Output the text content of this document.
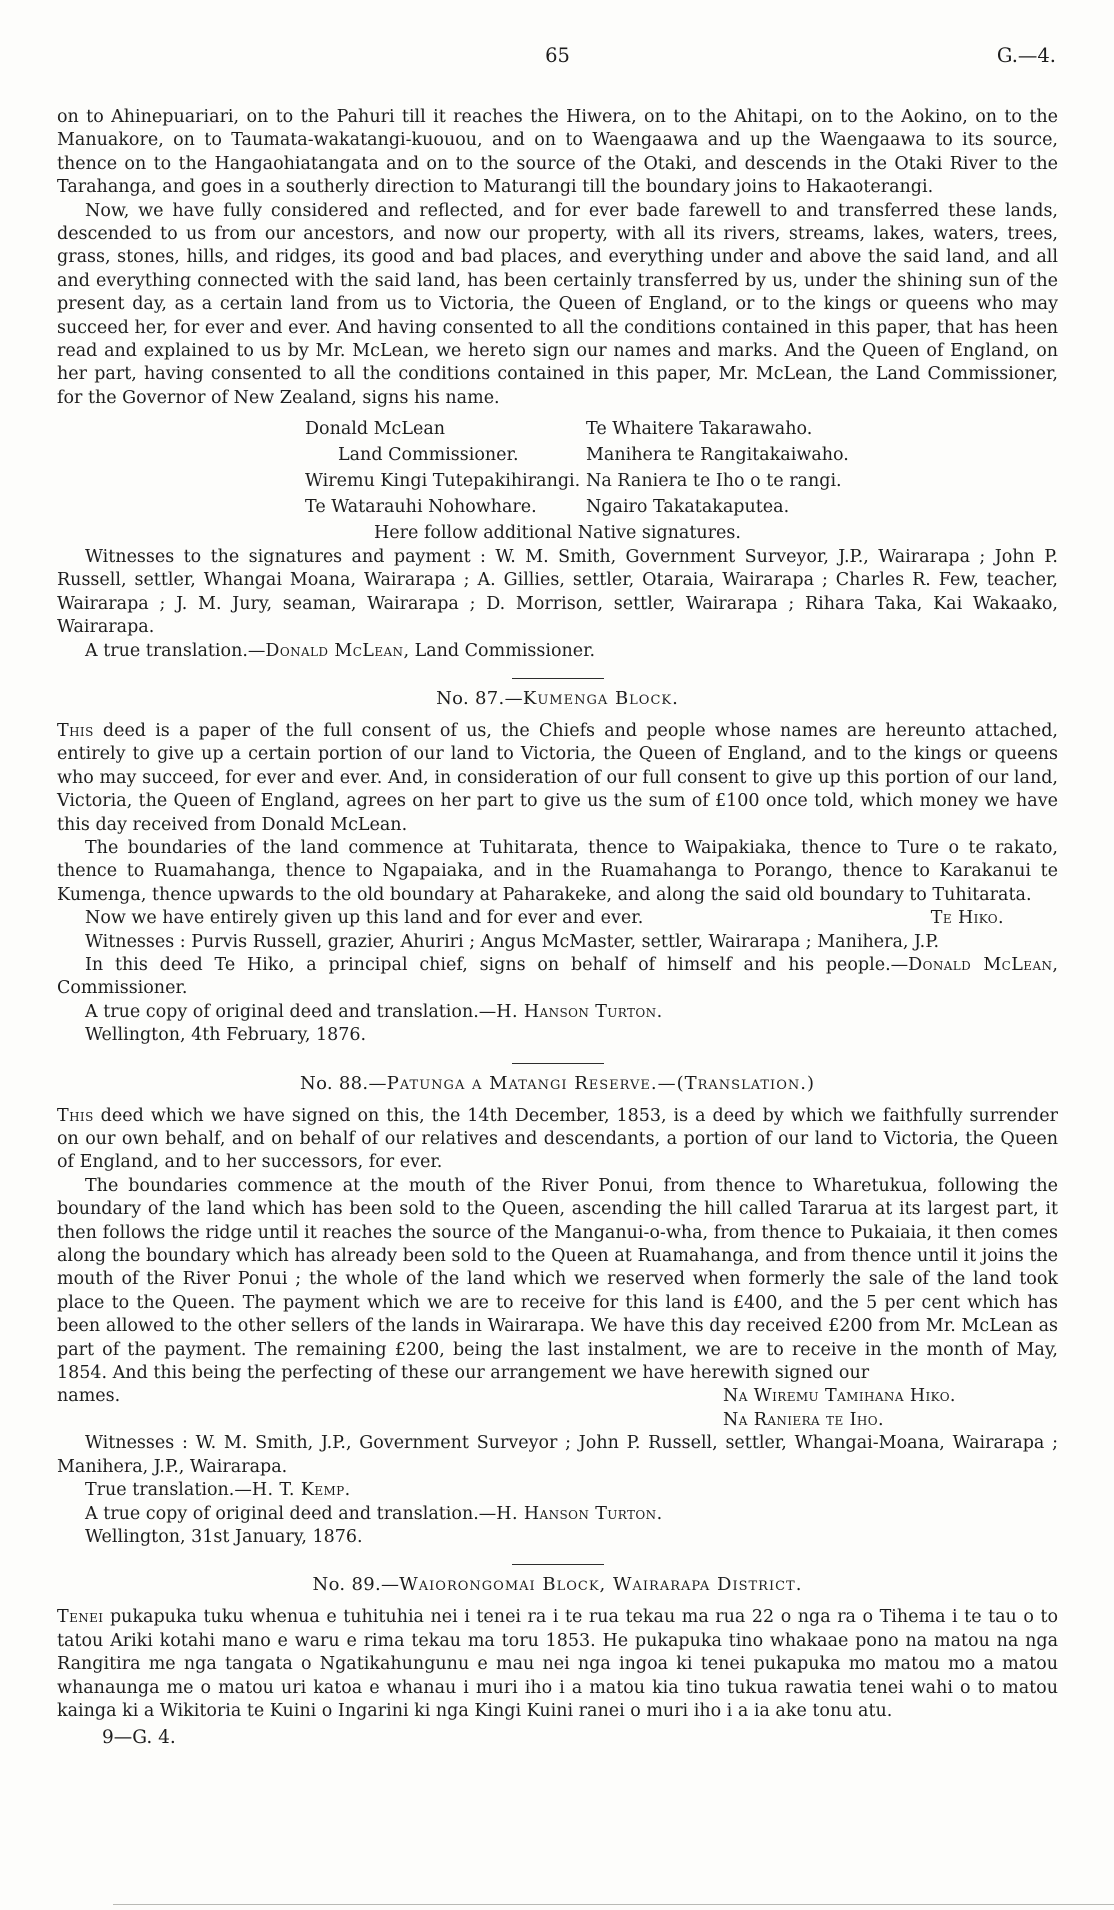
65	G.—4.

on to Ahinepuariari, on to the Pahuri till it reaches the Hiwera, on to the Ahitapi, on to the Aokino, on to the Manuakore, on to Taumata-wakatangi-kuouou, and on to Waengaawa and up the Waengaawa to its source, thence on to the Hangaohiatangata and on to the source of the Otaki, and descends in the Otaki River to the Tarahanga, and goes in a southerly direction to Maturangi till the boundary joins to Hakaoterangi.

Now, we have fully considered and reflected, and for ever bade farewell to and transferred these lands, descended to us from our ancestors, and now our property, with all its rivers, streams, lakes, waters, trees, grass, stones, hills, and ridges, its good and bad places, and everything under and above the said land, and all and everything connected with the said land, has been certainly transferred by us, under the shining sun of the present day, as a certain land from us to Victoria, the Queen of England, or to the kings or queens who may succeed her, for ever and ever. And having consented to all the conditions contained in this paper, that has heen read and explained to us by Mr. McLean, we hereto sign our names and marks. And the Queen of England, on her part, having consented to all the conditions contained in this paper, Mr. McLean, the Land Commissioner, for the Governor of New Zealand, signs his name.

Donald McLean	Te Whaitere Takarawaho.
Land Commissioner.	Manihera te Rangitakaiwaho.
Wiremu Kingi Tutepakihirangi. Na Raniera te Iho o te rangi.
Te Watarauhi Nohowhare.	Ngairo Takatakaputea.

Here follow additional Native signatures.

Witnesses to the signatures and payment : W. M. Smith, Government Surveyor, J.P., Wairarapa ; John P. Russell, settler, Whangai Moana, Wairarapa ; A. Gillies, settler, Otaraia, Wairarapa ; Charles R. Few, teacher, Wairarapa ; J. M. Jury, seaman, Wairarapa ; D. Morrison, settler, Wairarapa ; Rihara Taka, Kai Wakaako, Wairarapa.

A true translation.—Donald McLean, Land Commissioner.

No. 87.—Kumenga Block.

This deed is a paper of the full consent of us, the Chiefs and people whose names are hereunto attached, entirely to give up a certain portion of our land to Victoria, the Queen of England, and to the kings or queens who may succeed, for ever and ever. And, in consideration of our full consent to give up this portion of our land, Victoria, the Queen of England, agrees on her part to give us the sum of £100 once told, which money we have this day received from Donald McLean.

The boundaries of the land commence at Tuhitarata, thence to Waipakiaka, thence to Ture o te rakato, thence to Ruamahanga, thence to Ngapaiaka, and in the Ruamahanga to Porango, thence to Karakanui te Kumenga, thence upwards to the old boundary at Paharakeke, and along the said old boundary to Tuhitarata.

Now we have entirely given up this land and for ever and ever.	Te Hiko.

Witnesses : Purvis Russell, grazier, Ahuriri ; Angus McMaster, settler, Wairarapa ; Manihera, J.P.

In this deed Te Hiko, a principal chief, signs on behalf of himself and his people.—Donald McLean, Commissioner.

A true copy of original deed and translation.—H. Hanson Turton.

Wellington, 4th February, 1876.

No. 88.—Patunga a Matangi Reserve.—(Translation.)

This deed which we have signed on this, the 14th December, 1853, is a deed by which we faithfully surrender on our own behalf, and on behalf of our relatives and descendants, a portion of our land to Victoria, the Queen of England, and to her successors, for ever.

The boundaries commence at the mouth of the River Ponui, from thence to Wharetukua, following the boundary of the land which has been sold to the Queen, ascending the hill called Tararua at its largest part, it then follows the ridge until it reaches the source of the Manganui-o-wha, from thence to Pukaiaia, it then comes along the boundary which has already been sold to the Queen at Ruamahanga, and from thence until it joins the mouth of the River Ponui ; the whole of the land which we reserved when formerly the sale of the land took place to the Queen. The payment which we are to receive for this land is £400, and the 5 per cent which has been allowed to the other sellers of the lands in Wairarapa. We have this day received £200 from Mr. McLean as part of the payment. The remaining £200, being the last instalment, we are to receive in the month of May, 1854. And this being the perfecting of these our arrangement we have herewith signed our

names.	Na Wiremu Tamihana Hiko.
Na Raniera te Iho.

Witnesses : W. M. Smith, J.P., Government Surveyor ; John P. Russell, settler, Whangai-Moana, Wairarapa ; Manihera, J.P., Wairarapa.

True translation.—H. T. Kemp.

A true copy of original deed and translation.—H. Hanson Turton.

Wellington, 31st January, 1876.

No. 89.—Waiorongomai Block, Wairarapa District.

Tenei pukapuka tuku whenua e tuhituhia nei i tenei ra i te rua tekau ma rua 22 o nga ra o Tihema i te tau o to tatou Ariki kotahi mano e waru e rima tekau ma toru 1853. He pukapuka tino whakaae pono na matou na nga Rangitira me nga tangata o Ngatikahungunu e mau nei nga ingoa ki tenei pukapuka mo matou mo a matou whanaunga me o matou uri katoa e whanau i muri iho i a matou kia tino tukua rawatia tenei wahi o to matou kainga ki a Wikitoria te Kuini o Ingarini ki nga Kingi Kuini ranei o muri iho i a ia ake tonu atu.

9—G. 4.
